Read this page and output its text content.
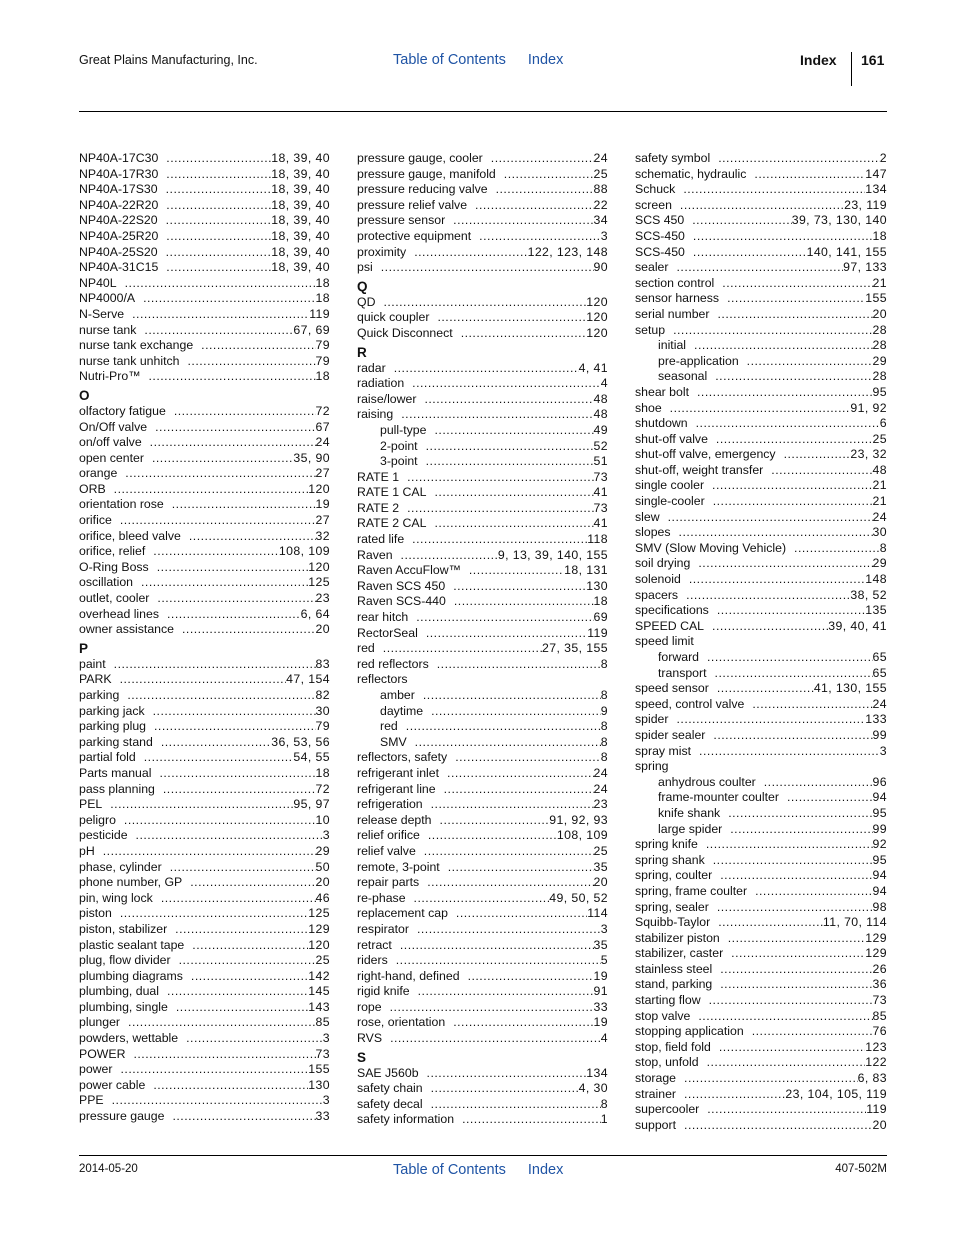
Great Plains Manufacturing, Inc.	Table of Contents Index	Index 161
NP40A-17C30 .....	18, 39, 40
NP40A-17R30 .....	18, 39, 40
NP40A-17S30 .....	18, 39, 40
NP40A-22R20 .....	18, 39, 40
NP40A-22S20 .....	18, 39, 40
NP40A-25R20 .....	18, 39, 40
NP40A-25S20 .....	18, 39, 40
NP40A-31C15 .....	18, 39, 40
NP40L .....	18
NP4000/A .....	18
N-Serve .....	119
nurse tank .....	67, 69
nurse tank exchange .....	79
nurse tank unhitch .....	79
Nutri-Pro™ .....	18
O
olfactory fatigue .....	72
On/Off valve .....	67
on/off valve .....	24
open center .....	35, 90
orange .....	27
ORB .....	120
orientation rose .....	19
orifice .....	27
orifice, bleed valve .....	32
orifice, relief .....	108, 109
O-Ring Boss .....	120
oscillation .....	125
outlet, cooler .....	23
overhead lines .....	6, 64
owner assistance .....	20
P
paint .....	83
PARK .....	47, 154
parking .....	82
parking jack .....	30
parking plug .....	79
parking stand .....	36, 53, 56
partial fold .....	54, 55
Parts manual .....	18
pass planning .....	72
PEL .....	95, 97
peligro .....	10
pesticide .....	3
pH .....	29
phase, cylinder .....	50
phone number, GP .....	20
pin, wing lock .....	46
piston .....	125
piston, stabilizer .....	129
plastic sealant tape .....	120
plug, flow divider .....	25
plumbing diagrams .....	142
plumbing, dual .....	145
plumbing, single .....	143
plunger .....	85
powders, wettable .....	3
POWER .....	73
power .....	155
power cable .....	130
PPE .....	3
pressure gauge .....	33
pressure gauge, cooler .....	24
pressure gauge, manifold .....	25
pressure reducing valve .....	88
pressure relief valve .....	22
pressure sensor .....	34
protective equipment .....	3
proximity .....	122, 123, 148
psi .....	90
Q
QD .....	120
quick coupler .....	120
Quick Disconnect .....	120
R
radar .....	4, 41
radiation .....	4
raise/lower .....	48
raising .....	48
pull-type .....	49
2-point .....	52
3-point .....	51
RATE 1 .....	73
RATE 1 CAL .....	41
RATE 2 .....	73
RATE 2 CAL .....	41
rated life .....	118
Raven .....	9, 13, 39, 140, 155
Raven AccuFlow™ .....	18, 131
Raven SCS 450 .....	130
Raven SCS-440 .....	18
rear hitch .....	69
RectorSeal .....	119
red .....	27, 35, 155
red reflectors .....	8
reflectors
amber .....	8
daytime .....	9
red .....	8
SMV .....	8
reflectors, safety .....	8
refrigerant inlet .....	24
refrigerant line .....	24
refrigeration .....	23
release depth .....	91, 92, 93
relief orifice .....	108, 109
relief valve .....	25
remote, 3-point .....	35
repair parts .....	20
re-phase .....	49, 50, 52
replacement cap .....	114
respirator .....	3
retract .....	35
riders .....	5
right-hand, defined .....	19
rigid knife .....	91
rope .....	33
rose, orientation .....	19
RVS .....	4
S
SAE J560b .....	134
safety chain .....	4, 30
safety decal .....	8
safety information .....	1
safety symbol .....	2
schematic, hydraulic .....	147
Schuck .....	134
screen .....	23, 119
SCS 450 .....	39, 73, 130, 140
SCS-450 .....	18
SCS-450 .....	140, 141, 155
sealer .....	97, 133
section control .....	21
sensor harness .....	155
serial number .....	20
setup .....	28
initial .....	28
pre-application .....	29
seasonal .....	28
shear bolt .....	95
shoe .....	91, 92
shutdown .....	6
shut-off valve .....	25
shut-off valve, emergency .....	23, 32
shut-off, weight transfer .....	48
single cooler .....	21
single-cooler .....	21
slew .....	24
slopes .....	30
SMV (Slow Moving Vehicle) .....	8
soil drying .....	29
solenoid .....	148
spacers .....	38, 52
specifications .....	135
SPEED CAL .....	39, 40, 41
speed limit
forward .....	65
transport .....	65
speed sensor .....	41, 130, 155
speed, control valve .....	24
spider .....	133
spider sealer .....	99
spray mist .....	3
spring
anhydrous coulter .....	96
frame-mounter coulter .....	94
knife shank .....	95
large spider .....	99
spring knife .....	92
spring shank .....	95
spring, coulter .....	94
spring, frame coulter .....	94
spring, sealer .....	98
Squibb-Taylor .....	11, 70, 114
stabilizer piston .....	129
stabilizer, caster .....	129
stainless steel .....	26
stand, parking .....	36
starting flow .....	73
stop valve .....	85
stopping application .....	76
stop, field fold .....	123
stop, unfold .....	122
storage .....	6, 83
strainer .....	23, 104, 105, 119
supercooler .....	119
support .....	20
2014-05-20	Table of Contents Index	407-502M
